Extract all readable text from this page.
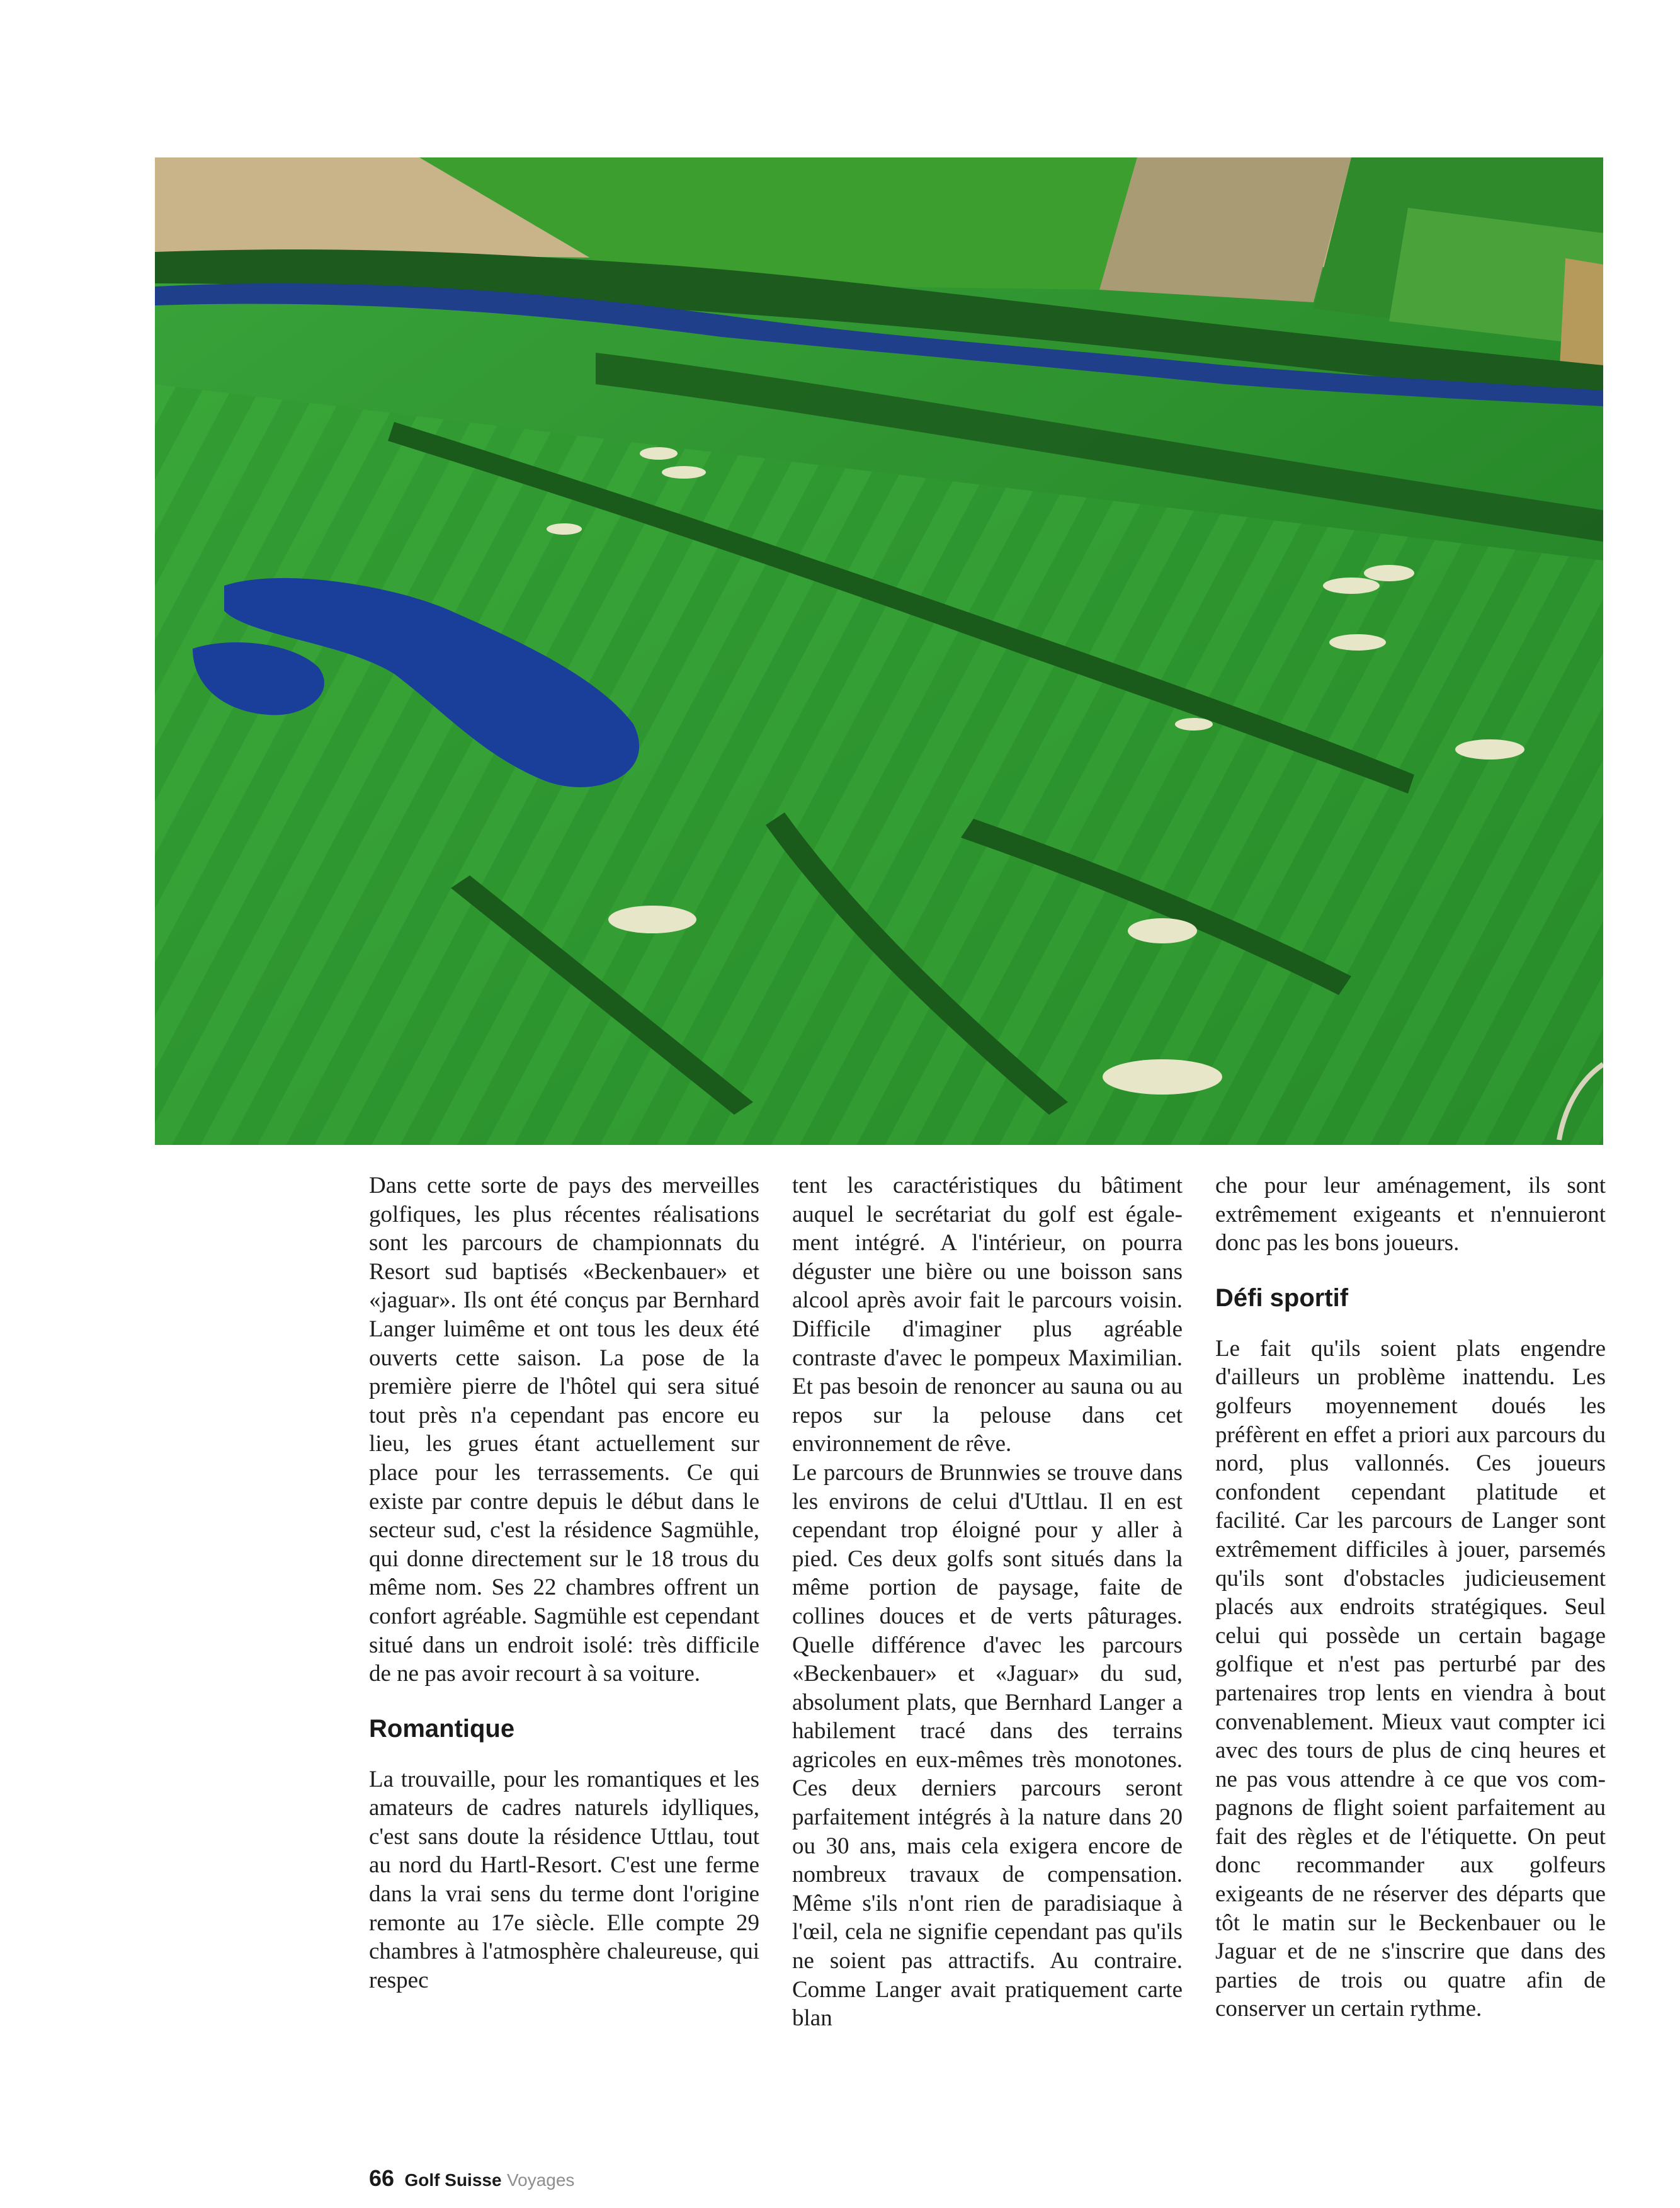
Dans cette sorte de pays des merveilles golfiques, les plus récentes réalisations sont les parcours de championnats du Resort sud baptisés «Beckenbauer» et «jaguar». Ils ont été conçus par Bernhard Langer luimême et ont tous les deux été ouverts cette saison. La pose de la première pierre de l'hôtel qui sera situé tout près n'a cependant pas encore eu lieu, les grues étant actuellement sur place pour les terrassements. Ce qui existe par contre depuis le début dans le secteur sud, c'est la résidence Sagmühle, qui donne directement sur le 18 trous du même nom. Ses 22 chambres offrent un confort agréable. Sagmühle est cependant situé dans un endroit isolé: très difficile de ne pas avoir recourt à sa voiture.

Romantique

La trouvaille, pour les romantiques et les amateurs de cadres naturels idylliques, c'est sans doute la résidence Uttlau, tout au nord du Hartl-Resort. C'est une ferme dans la vrai sens du terme dont l'origine remonte au 17e siècle. Elle compte 29 chambres à l'atmosphère chaleureuse, qui respec

tent les caractéristiques du bâtiment auquel le secrétariat du golf est également intégré. A l'intérieur, on pourra déguster une bière ou une boisson sans alcool après avoir fait le parcours voisin. Difficile d'imaginer plus agréable contraste d'avec le pompeux Maximilian. Et pas besoin de renoncer au sauna ou au repos sur la pelouse dans cet environnement de rêve.

Le parcours de Brunnwies se trouve dans les environs de celui d'Uttlau. Il en est cependant trop éloigné pour y aller à pied. Ces deux golfs sont situés dans la même portion de paysage, faite de collines douces et de verts pâturages. Quelle différence d'avec les parcours «Beckenbauer» et «Jaguar» du sud, absolument plats, que Bernhard Langer a habilement tracé dans des terrains agricoles en eux-mêmes très monotones. Ces deux derniers parcours seront parfaitement intégrés à la nature dans 20 ou 30 ans, mais cela exigera encore de nombreux travaux de compensation. Même s'ils n'ont rien de paradisiaque à l'œil, cela ne signifie cependant pas qu'ils ne soient pas attractifs. Au contraire. Comme Langer avait pratiquement carte blan

che pour leur aménagement, ils sont extrêmement exigeants et n'ennuieront donc pas les bons joueurs.

Défi sportif

Le fait qu'ils soient plats engendre d'ailleurs un problème inattendu. Les golfeurs moyennement doués les préfèrent en effet a priori aux parcours du nord, plus vallonnés. Ces joueurs confondent cependant platitude et facilité. Car les parcours de Langer sont extrêmement difficiles à jouer, parsemés qu'ils sont d'obstacles judicieusement placés aux endroits stratégiques. Seul celui qui possède un certain bagage golfique et n'est pas perturbé par des partenaires trop lents en viendra à bout convenablement. Mieux vaut compter ici avec des tours de plus de cinq heures et ne pas vous attendre à ce que vos compagnons de flight soient parfaitement au fait des règles et de l'étiquette. On peut donc recommander aux golfeurs exigeants de ne réserver des départs que tôt le matin sur le Beckenbauer ou le Jaguar et de ne s'inscrire que dans des parties de trois ou quatre afin de conserver un certain rythme.

66 Golf Suisse Voyages
